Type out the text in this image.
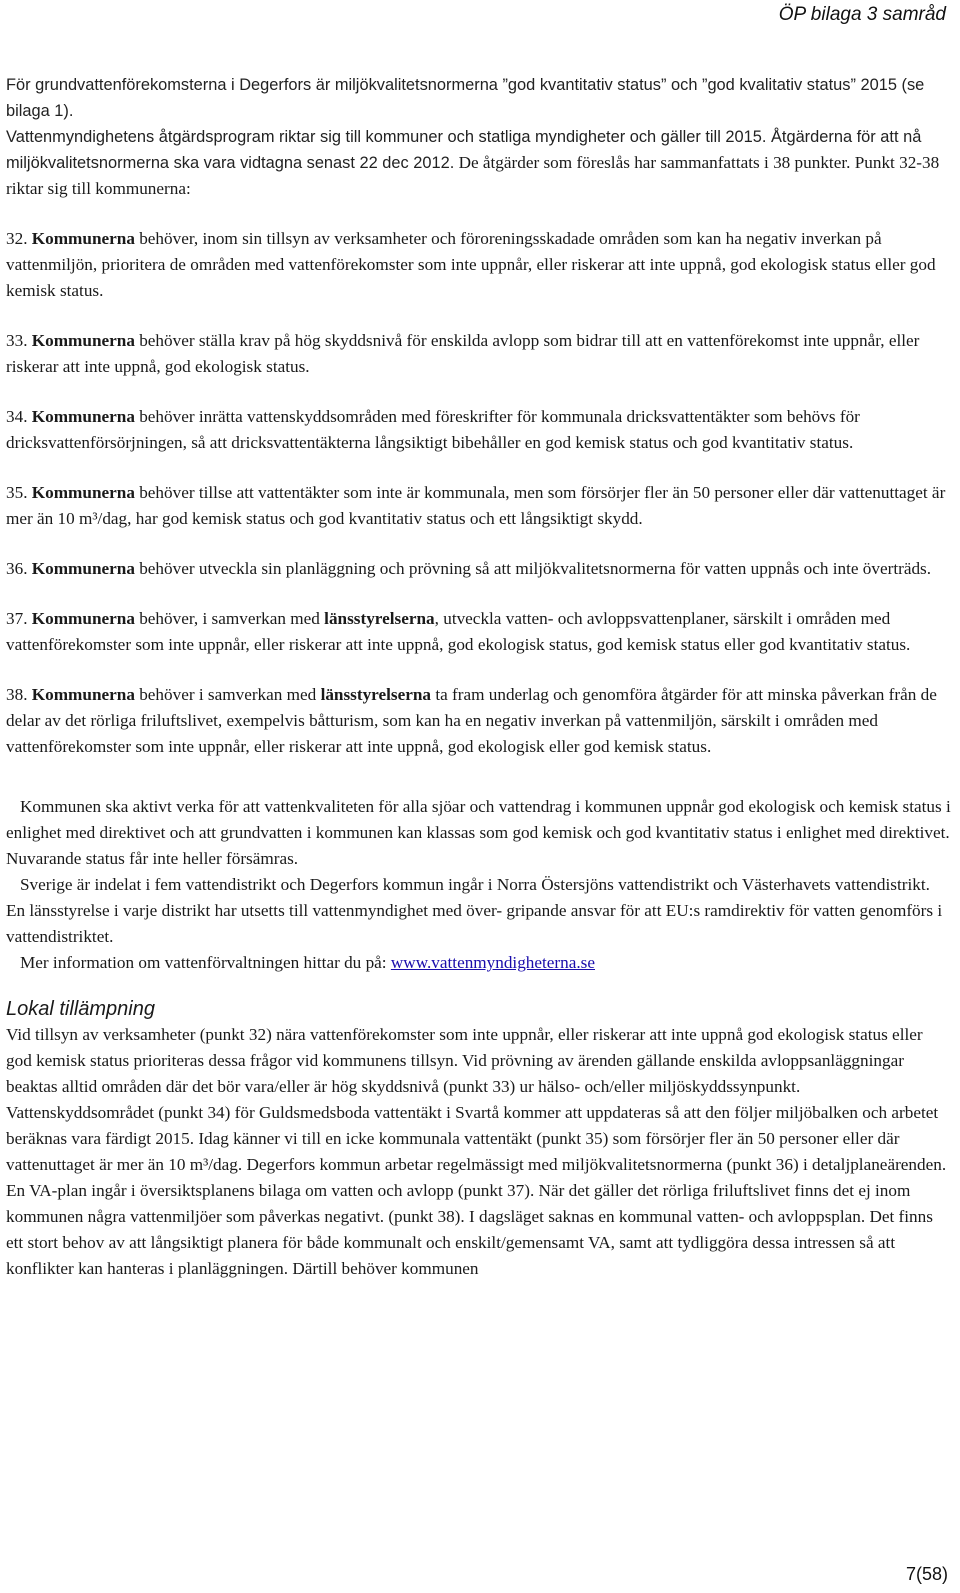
ÖP bilaga 3 samråd

För grundvattenförekomsterna i Degerfors är miljökvalitetsnormerna ”god kvantitativ status” och ”god kvalitativ status” 2015 (se bilaga 1).

Vattenmyndighetens åtgärdsprogram riktar sig till kommuner och statliga myndigheter och gäller till 2015. Åtgärderna för att nå miljökvalitetsnormerna ska vara vidtagna senast 22 dec 2012. De åtgärder som föreslås har sammanfattats i 38 punkter. Punkt 32-38 riktar sig till kommunerna:

32. Kommunerna behöver, inom sin tillsyn av verksamheter och föroreningsskadade områden som kan ha negativ inverkan på vattenmiljön, prioritera de områden med vattenförekomster som inte uppnår, eller riskerar att inte uppnå, god ekologisk status eller god kemisk status.

33. Kommunerna behöver ställa krav på hög skyddsnivå för enskilda avlopp som bidrar till att en vattenförekomst inte uppnår, eller riskerar att inte uppnå, god ekologisk status.

34. Kommunerna behöver inrätta vattenskyddsområden med föreskrifter för kommunala dricksvattentäkter som behövs för dricksvattenförsörjningen, så att dricksvattentäkterna långsiktigt bibehåller en god kemisk status och god kvantitativ status.

35. Kommunerna behöver tillse att vattentäkter som inte är kommunala, men som försörjer fler än 50 personer eller där vattenuttaget är mer än 10 m³/dag, har god kemisk status och god kvantitativ status och ett långsiktigt skydd.

36. Kommunerna behöver utveckla sin planläggning och prövning så att miljökvalitetsnormerna för vatten uppnås och inte överträds.

37. Kommunerna behöver, i samverkan med länsstyrelserna, utveckla vatten- och avloppsvattenplaner, särskilt i områden med vattenförekomster som inte uppnår, eller riskerar att inte uppnå, god ekologisk status, god kemisk status eller god kvantitativ status.

38. Kommunerna behöver i samverkan med länsstyrelserna ta fram underlag och genomföra åtgärder för att minska påverkan från de delar av det rörliga friluftslivet, exempelvis båtturism, som kan ha en negativ inverkan på vattenmiljön, särskilt i områden med vattenförekomster som inte uppnår, eller riskerar att inte uppnå, god ekologisk eller god kemisk status.

Kommunen ska aktivt verka för att vattenkvaliteten för alla sjöar och vattendrag i kommunen uppnår god ekologisk och kemisk status i enlighet med direktivet och att grundvatten i kommunen kan klassas som god kemisk och god kvantitativ status i enlighet med direktivet. Nuvarande status får inte heller försämras.

Sverige är indelat i fem vattendistrikt och Degerfors kommun ingår i Norra Östersjöns vattendistrikt och Västerhavets vattendistrikt. En länsstyrelse i varje distrikt har utsetts till vattenmyndighet med över- gripande ansvar för att EU:s ramdirektiv för vatten genomförs i vattendistriktet.

Mer information om vattenförvaltningen hittar du på: www.vattenmyndigheterna.se

Lokal tillämpning

Vid tillsyn av verksamheter (punkt 32) nära vattenförekomster som inte uppnår, eller riskerar att inte uppnå god ekologisk status eller god kemisk status prioriteras dessa frågor vid kommunens tillsyn. Vid prövning av ärenden gällande enskilda avloppsanläggningar beaktas alltid områden där det bör vara/eller är hög skyddsnivå (punkt 33) ur hälso- och/eller miljöskyddssynpunkt. Vattenskyddsområdet (punkt 34) för Guldsmedsboda vattentäkt i Svartå kommer att uppdateras så att den följer miljöbalken och arbetet beräknas vara färdigt 2015. Idag känner vi till en icke kommunala vattentäkt (punkt 35) som försörjer fler än 50 personer eller där vattenuttaget är mer än 10 m³/dag. Degerfors kommun arbetar regelmässigt med miljökvalitetsnormerna (punkt 36) i detaljplaneärenden. En VA-plan ingår i översiktsplanens bilaga om vatten och avlopp (punkt 37). När det gäller det rörliga friluftslivet finns det ej inom kommunen några vattenmiljöer som påverkas negativt. (punkt 38). I dagsläget saknas en kommunal vatten- och avloppsplan. Det finns ett stort behov av att långsiktigt planera för både kommunalt och enskilt/gemensamt VA, samt att tydliggöra dessa intressen så att konflikter kan hanteras i planläggningen. Därtill behöver kommunen

7(58)
